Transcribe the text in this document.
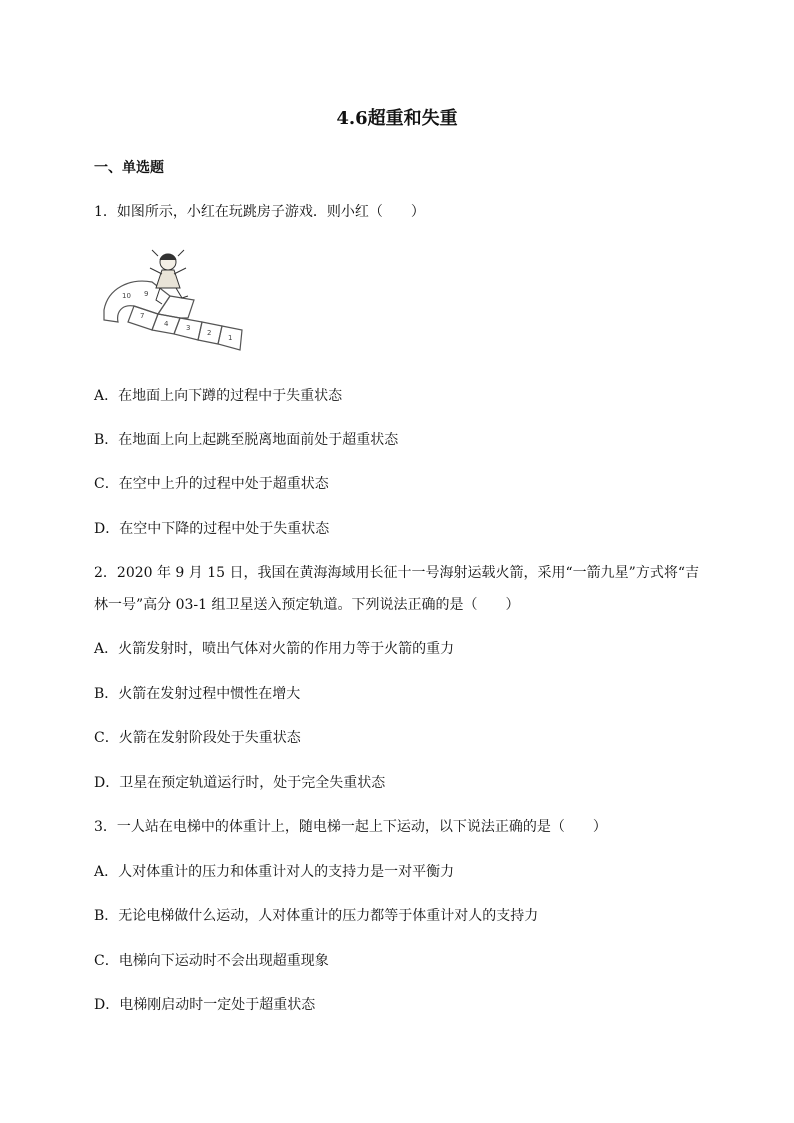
4.6超重和失重
一、单选题
1．如图所示，小红在玩跳房子游戏．则小红（　　）
10 9
7
4	3
2
1
A．在地面上向下蹲的过程中于失重状态
B．在地面上向上起跳至脱离地面前处于超重状态
C．在空中上升的过程中处于超重状态
D．在空中下降的过程中处于失重状态
2．2020 年 9 月 15 日，我国在黄海海域用长征十一号海射运载火箭，采用“一箭九星”方式将“吉
林一号”高分 03-1 组卫星送入预定轨道。下列说法正确的是（　　）
A．火箭发射时，喷出气体对火箭的作用力等于火箭的重力
B．火箭在发射过程中惯性在增大
C．火箭在发射阶段处于失重状态
D．卫星在预定轨道运行时，处于完全失重状态
3．一人站在电梯中的体重计上，随电梯一起上下运动，以下说法正确的是（　　）
A．人对体重计的压力和体重计对人的支持力是一对平衡力
B．无论电梯做什么运动，人对体重计的压力都等于体重计对人的支持力
C．电梯向下运动时不会出现超重现象
D．电梯刚启动时一定处于超重状态
